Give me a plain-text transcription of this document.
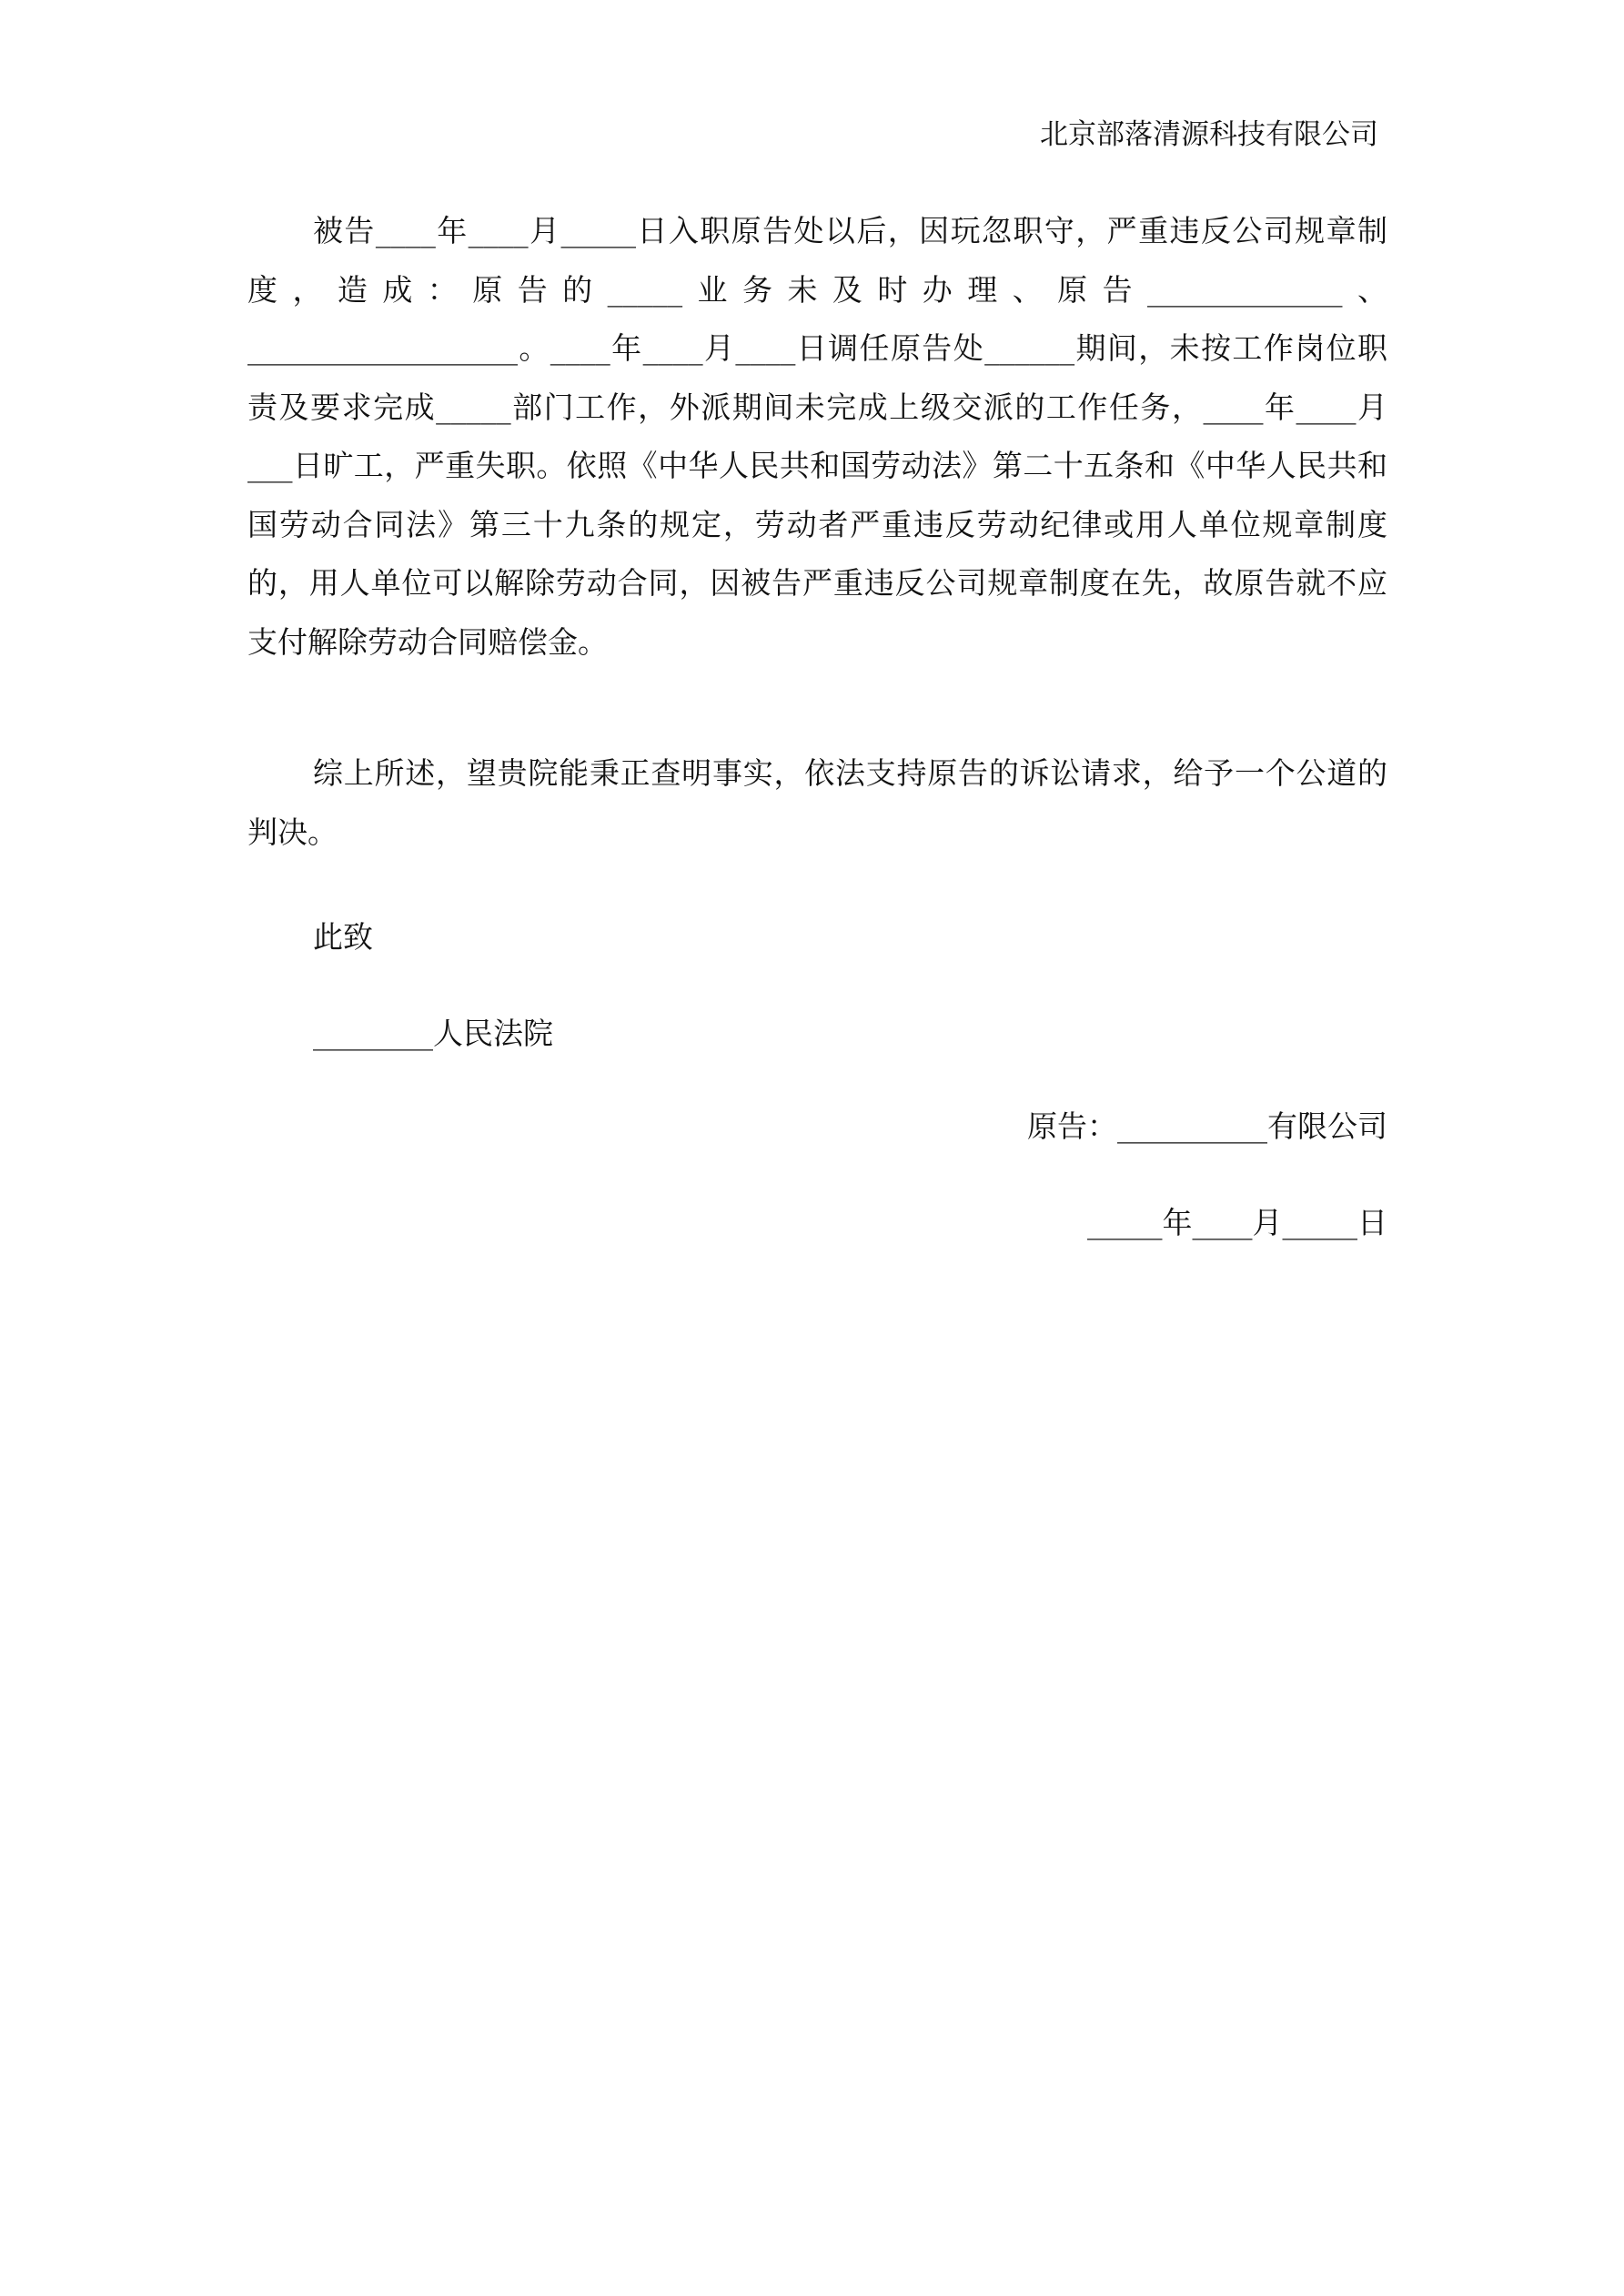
北京部落清源科技有限公司

被告____年____月_____日入职原告处以后，因玩忽职守，严重违反公司规章制度，造成：原告的_____业务未及时办理、原告_____________、__________________。____年____月____日调任原告处______期间，未按工作岗位职责及要求完成_____部门工作，外派期间未完成上级交派的工作任务，____年____月___日旷工，严重失职。依照《中华人民共和国劳动法》第二十五条和《中华人民共和国劳动合同法》第三十九条的规定，劳动者严重违反劳动纪律或用人单位规章制度的，用人单位可以解除劳动合同，因被告严重违反公司规章制度在先，故原告就不应支付解除劳动合同赔偿金。

综上所述，望贵院能秉正查明事实，依法支持原告的诉讼请求，给予一个公道的判决。

此致
________人民法院
原告：__________有限公司
_____年____月_____日
